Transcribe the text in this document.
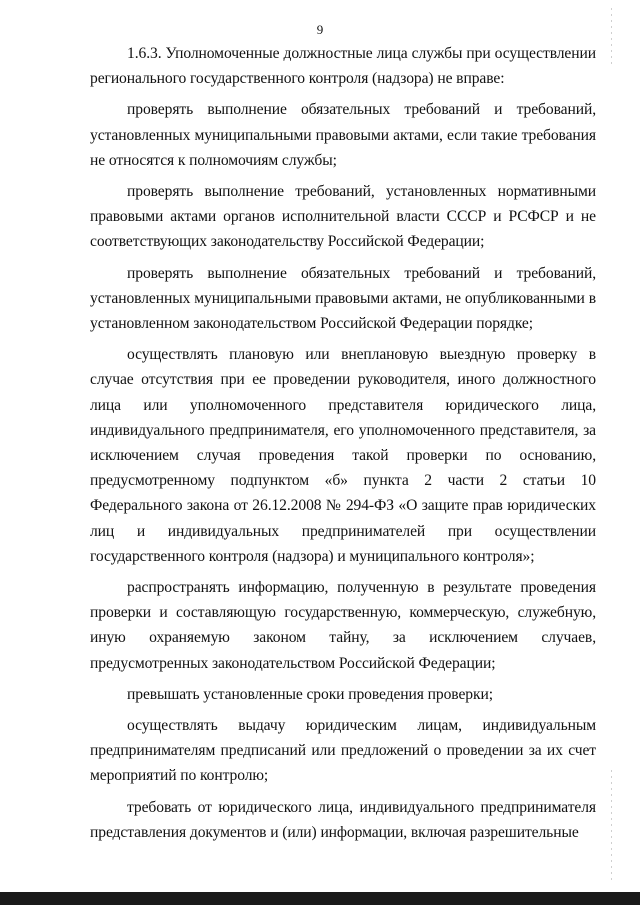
9

1.6.3. Уполномоченные должностные лица службы при осуществлении регионального государственного контроля (надзора) не вправе:

проверять выполнение обязательных требований и требований, установленных муниципальными правовыми актами, если такие требования не относятся к полномочиям службы;

проверять выполнение требований, установленных нормативными правовыми актами органов исполнительной власти СССР и РСФСР и не соответствующих законодательству Российской Федерации;

проверять выполнение обязательных требований и требований, установленных муниципальными правовыми актами, не опубликованными в установленном законодательством Российской Федерации порядке;

осуществлять плановую или внеплановую выездную проверку в случае отсутствия при ее проведении руководителя, иного должностного лица или уполномоченного представителя юридического лица, индивидуального предпринимателя, его уполномоченного представителя, за исключением случая проведения такой проверки по основанию, предусмотренному подпунктом «б» пункта 2 части 2 статьи 10 Федерального закона от 26.12.2008 № 294-ФЗ «О защите прав юридических лиц и индивидуальных предпринимателей при осуществлении государственного контроля (надзора) и муниципального контроля»;

распространять информацию, полученную в результате проведения проверки и составляющую государственную, коммерческую, служебную, иную охраняемую законом тайну, за исключением случаев, предусмотренных законодательством Российской Федерации;

превышать установленные сроки проведения проверки;

осуществлять выдачу юридическим лицам, индивидуальным предпринимателям предписаний или предложений о проведении за их счет мероприятий по контролю;

требовать от юридического лица, индивидуального предпринимателя представления документов и (или) информации, включая разрешительные
